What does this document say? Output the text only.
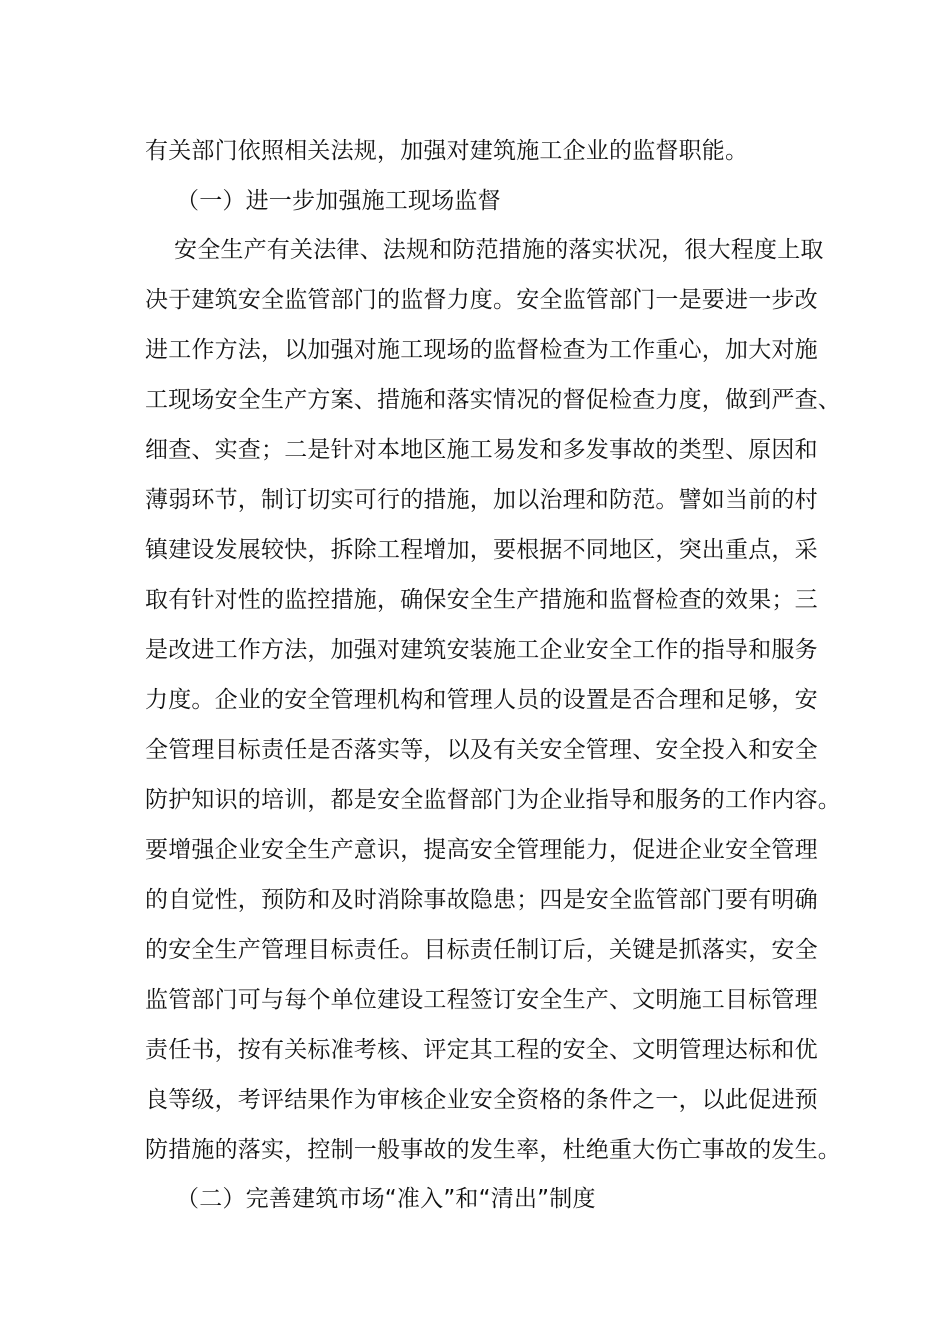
有关部门依照相关法规，加强对建筑施工企业的监督职能。
（一）进一步加强施工现场监督
安全生产有关法律、法规和防范措施的落实状况，很大程度上取
决于建筑安全监管部门的监督力度。安全监管部门一是要进一步改
进工作方法，以加强对施工现场的监督检查为工作重心，加大对施
工现场安全生产方案、措施和落实情况的督促检查力度，做到严查、
细查、实查；二是针对本地区施工易发和多发事故的类型、原因和
薄弱环节，制订切实可行的措施，加以治理和防范。譬如当前的村
镇建设发展较快，拆除工程增加，要根据不同地区，突出重点，采
取有针对性的监控措施，确保安全生产措施和监督检查的效果；三
是改进工作方法，加强对建筑安装施工企业安全工作的指导和服务
力度。企业的安全管理机构和管理人员的设置是否合理和足够，安
全管理目标责任是否落实等，以及有关安全管理、安全投入和安全
防护知识的培训，都是安全监督部门为企业指导和服务的工作内容。
要增强企业安全生产意识，提高安全管理能力，促进企业安全管理
的自觉性，预防和及时消除事故隐患；四是安全监管部门要有明确
的安全生产管理目标责任。目标责任制订后，关键是抓落实，安全
监管部门可与每个单位建设工程签订安全生产、文明施工目标管理
责任书，按有关标准考核、评定其工程的安全、文明管理达标和优
良等级，考评结果作为审核企业安全资格的条件之一，以此促进预
防措施的落实，控制一般事故的发生率，杜绝重大伤亡事故的发生。
（二）完善建筑市场“准入”和“清出”制度
